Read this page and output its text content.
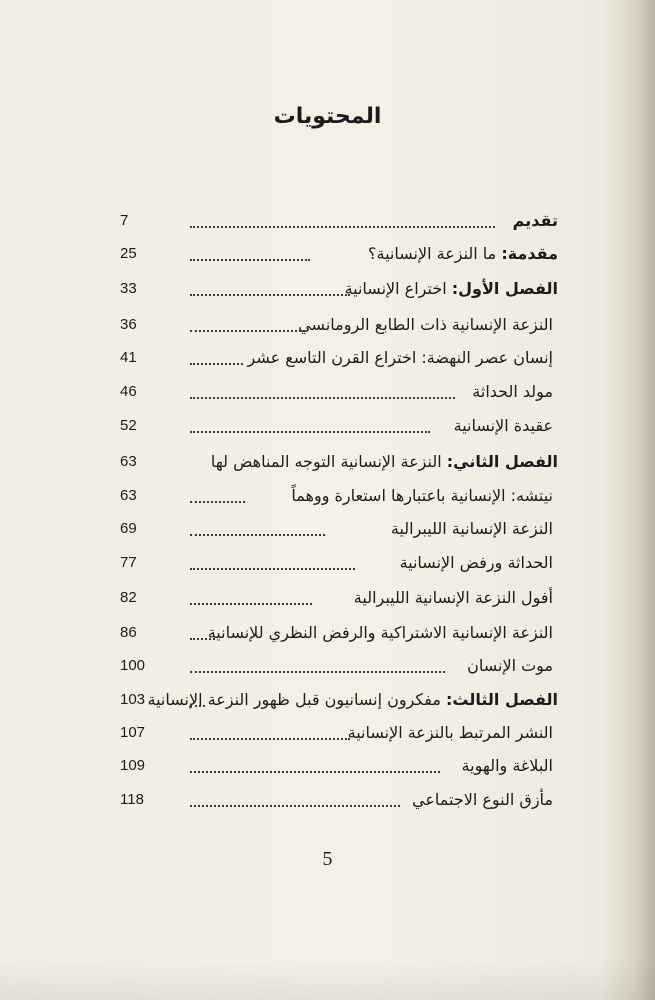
المحتويات
تقديم
7
مقدمة: ما النزعة الإنسانية؟
25
الفصل الأول: اختراع الإنسانية
33
النزعة الإنسانية ذات الطابع الرومانسي
36
إنسان عصر النهضة: اختراع القرن التاسع عشر
41
مولد الحداثة
46
عقيدة الإنسانية
52
الفصل الثاني: النزعة الإنسانية التوجه المناهض لها
63
نيتشه: الإنسانية باعتبارها استعارة ووهماً
63
النزعة الإنسانية الليبرالية
69
الحداثة ورفض الإنسانية
77
أفول النزعة الإنسانية الليبرالية
82
النزعة الإنسانية الاشتراكية والرفض النظري للإنسانية
86
موت الإنسان
100
الفصل الثالث: مفكرون إنسانيون قبل ظهور النزعة الإنسانية
103
النشر المرتبط بالنزعة الإنسانية
107
البلاغة والهوية
109
مأزق النوع الاجتماعي
118
5
